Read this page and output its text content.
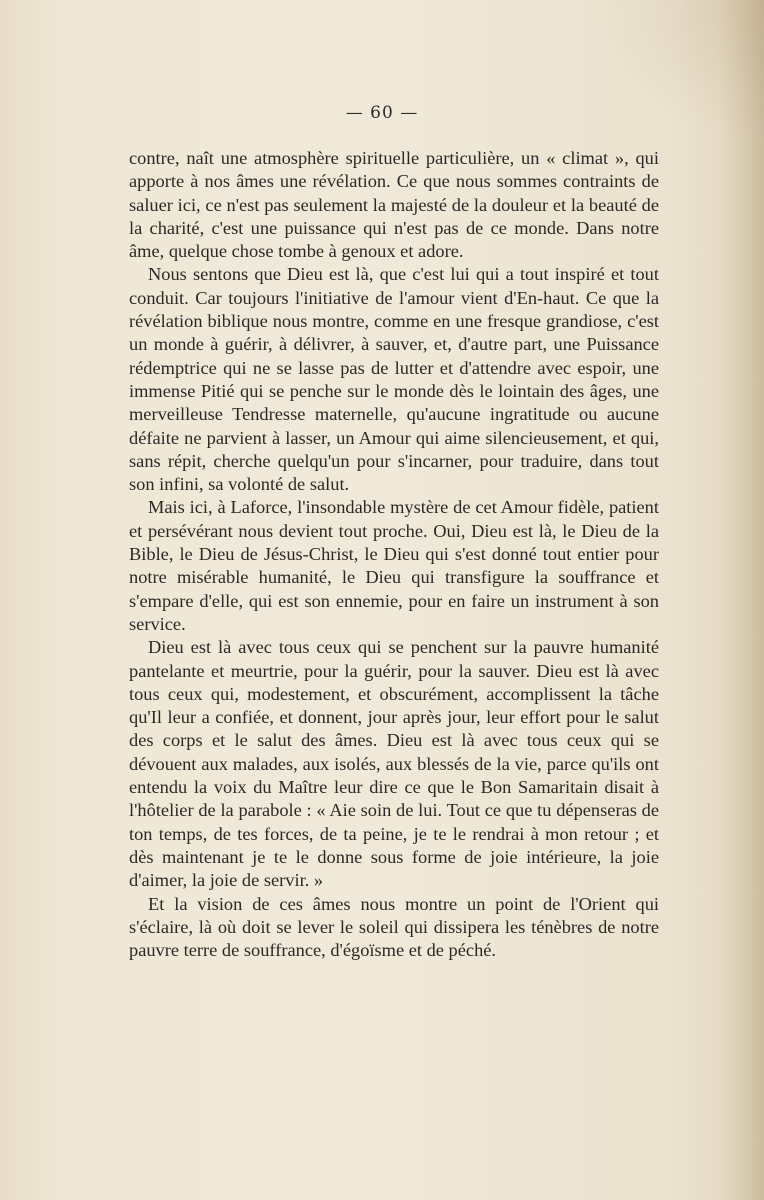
— 60 —

contre, naît une atmosphère spirituelle particulière, un « climat », qui apporte à nos âmes une révélation. Ce que nous sommes contraints de saluer ici, ce n'est pas seulement la majesté de la douleur et la beauté de la charité, c'est une puissance qui n'est pas de ce monde. Dans notre âme, quelque chose tombe à genoux et adore.

Nous sentons que Dieu est là, que c'est lui qui a tout inspiré et tout conduit. Car toujours l'initiative de l'amour vient d'En-haut. Ce que la révélation biblique nous montre, comme en une fresque grandiose, c'est un monde à guérir, à délivrer, à sauver, et, d'autre part, une Puissance rédemptrice qui ne se lasse pas de lutter et d'attendre avec espoir, une immense Pitié qui se penche sur le monde dès le lointain des âges, une merveilleuse Tendresse maternelle, qu'aucune ingratitude ou aucune défaite ne parvient à lasser, un Amour qui aime silencieusement, et qui, sans répit, cherche quelqu'un pour s'incarner, pour traduire, dans tout son infini, sa volonté de salut.

Mais ici, à Laforce, l'insondable mystère de cet Amour fidèle, patient et persévérant nous devient tout proche. Oui, Dieu est là, le Dieu de la Bible, le Dieu de Jésus-Christ, le Dieu qui s'est donné tout entier pour notre misérable humanité, le Dieu qui transfigure la souffrance et s'empare d'elle, qui est son ennemie, pour en faire un instrument à son service.

Dieu est là avec tous ceux qui se penchent sur la pauvre humanité pantelante et meurtrie, pour la guérir, pour la sauver. Dieu est là avec tous ceux qui, modestement, et obscurément, accomplissent la tâche qu'Il leur a confiée, et donnent, jour après jour, leur effort pour le salut des corps et le salut des âmes. Dieu est là avec tous ceux qui se dévouent aux malades, aux isolés, aux blessés de la vie, parce qu'ils ont entendu la voix du Maître leur dire ce que le Bon Samaritain disait à l'hôtelier de la parabole : « Aie soin de lui. Tout ce que tu dépenseras de ton temps, de tes forces, de ta peine, je te le rendrai à mon retour ; et dès maintenant je te le donne sous forme de joie intérieure, la joie d'aimer, la joie de servir. »

Et la vision de ces âmes nous montre un point de l'Orient qui s'éclaire, là où doit se lever le soleil qui dissipera les ténèbres de notre pauvre terre de souffrance, d'égoïsme et de péché.
